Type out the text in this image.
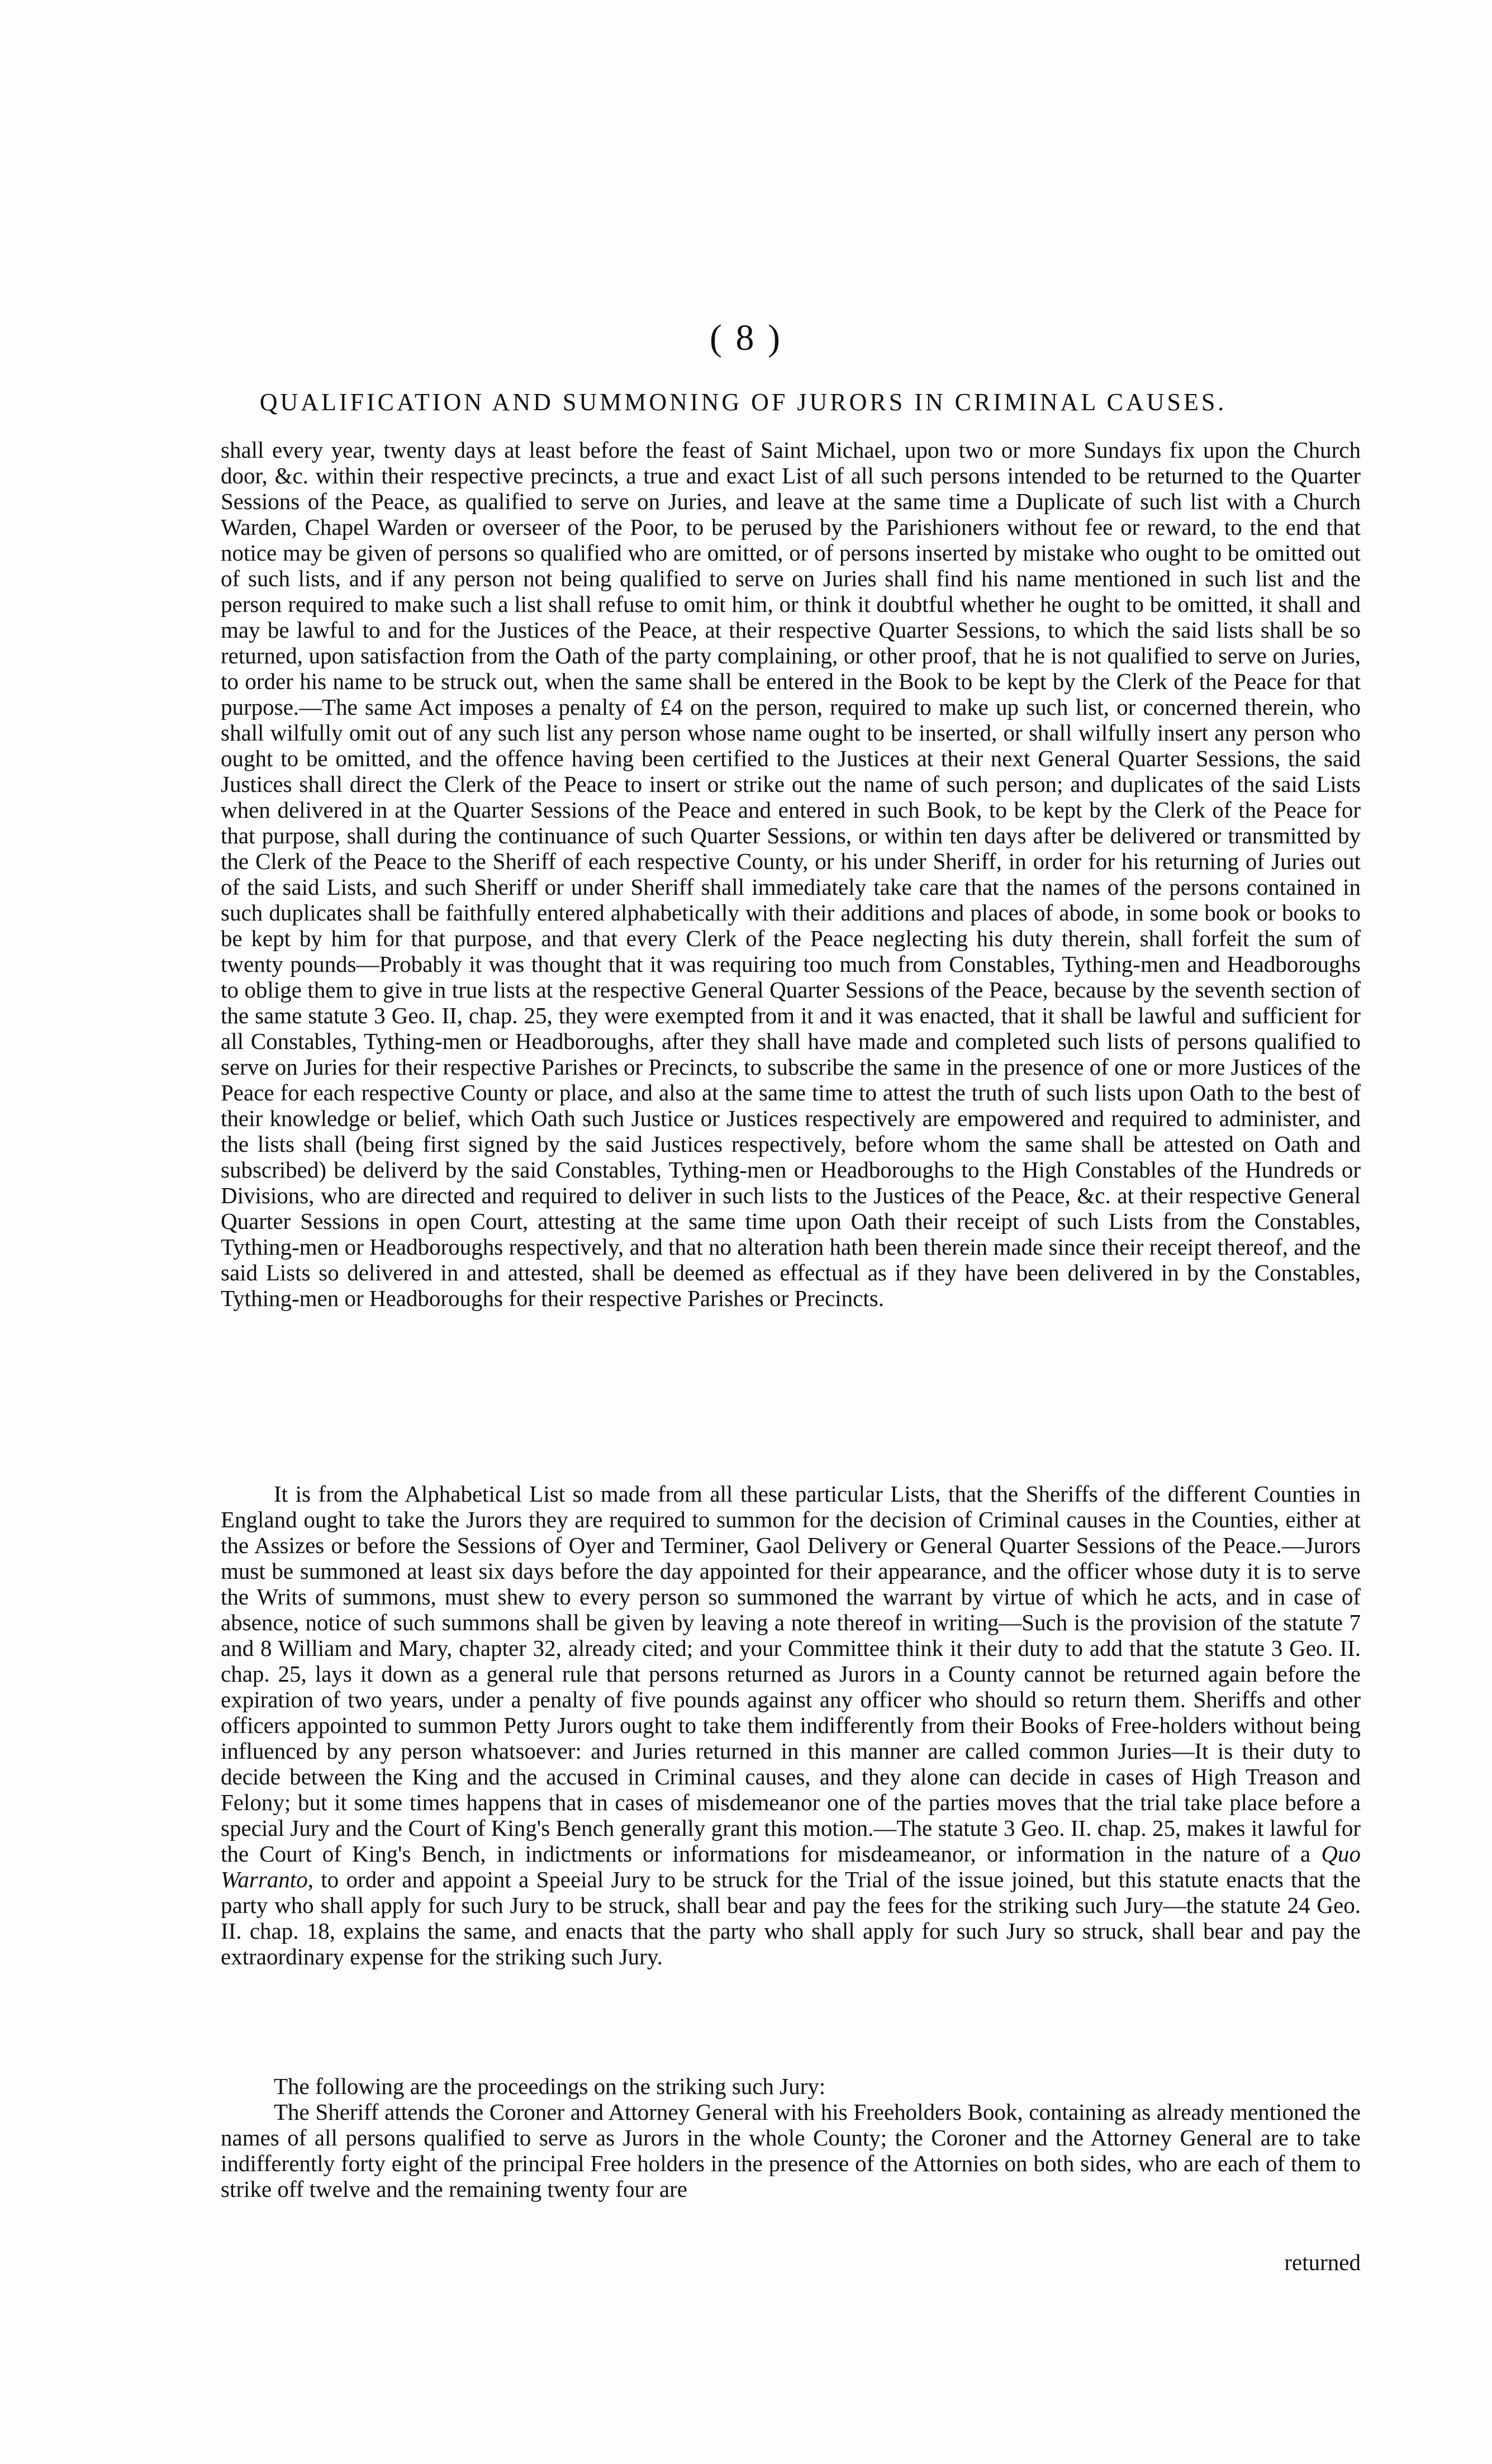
( 8 )
QUALIFICATION AND SUMMONING OF JURORS IN CRIMINAL CAUSES.

shall every year, twenty days at least before the feast of Saint Michael, upon two or more Sundays fix upon the Church door, &c. within their respective precincts, a true and exact List of all such persons intended to be returned to the Quarter Sessions of the Peace, as qualified to serve on Juries, and leave at the same time a Duplicate of such list with a Church Warden, Chapel Warden or overseer of the Poor, to be perused by the Parishioners without fee or reward, to the end that notice may be given of persons so qualified who are omitted, or of persons inserted by mistake who ought to be omitted out of such lists, and if any person not being qualified to serve on Juries shall find his name mentioned in such list and the person required to make such a list shall refuse to omit him, or think it doubtful whether he ought to be omitted, it shall and may be lawful to and for the Justices of the Peace, at their respective Quarter Sessions, to which the said lists shall be so returned, upon satisfaction from the Oath of the party complaining, or other proof, that he is not qualified to serve on Juries, to order his name to be struck out, when the same shall be entered in the Book to be kept by the Clerk of the Peace for that purpose.—The same Act imposes a penalty of £4 on the person, required to make up such list, or concerned therein, who shall wilfully omit out of any such list any person whose name ought to be inserted, or shall wilfully insert any person who ought to be omitted, and the offence having been certified to the Justices at their next General Quarter Sessions, the said Justices shall direct the Clerk of the Peace to insert or strike out the name of such person; and duplicates of the said Lists when delivered in at the Quarter Sessions of the Peace and entered in such Book, to be kept by the Clerk of the Peace for that purpose, shall during the continuance of such Quarter Sessions, or within ten days after be delivered or transmitted by the Clerk of the Peace to the Sheriff of each respective County, or his under Sheriff, in order for his returning of Juries out of the said Lists, and such Sheriff or under Sheriff shall immediately take care that the names of the persons contained in such duplicates shall be faithfully entered alphabetically with their additions and places of abode, in some book or books to be kept by him for that purpose, and that every Clerk of the Peace neglecting his duty therein, shall forfeit the sum of twenty pounds—Probably it was thought that it was requiring too much from Constables, Tything-men and Headboroughs to oblige them to give in true lists at the respective General Quarter Sessions of the Peace, because by the seventh section of the same statute 3 Geo. II, chap. 25, they were exempted from it and it was enacted, that it shall be lawful and sufficient for all Constables, Tything-men or Headboroughs, after they shall have made and completed such lists of persons qualified to serve on Juries for their respective Parishes or Precincts, to subscribe the same in the presence of one or more Justices of the Peace for each respective County or place, and also at the same time to attest the truth of such lists upon Oath to the best of their knowledge or belief, which Oath such Justice or Justices respectively are empowered and required to administer, and the lists shall (being first signed by the said Justices respectively, before whom the same shall be attested on Oath and subscribed) be deliverd by the said Constables, Tything-men or Headboroughs to the High Constables of the Hundreds or Divisions, who are directed and required to deliver in such lists to the Justices of the Peace, &c. at their respective General Quarter Sessions in open Court, attesting at the same time upon Oath their receipt of such Lists from the Constables, Tything-men or Headboroughs respectively, and that no alteration hath been therein made since their receipt thereof, and the said Lists so delivered in and attested, shall be deemed as effectual as if they have been delivered in by the Constables, Tything-men or Headboroughs for their respective Parishes or Precincts.

It is from the Alphabetical List so made from all these particular Lists, that the Sheriffs of the different Counties in England ought to take the Jurors they are required to summon for the decision of Criminal causes in the Counties, either at the Assizes or before the Sessions of Oyer and Terminer, Gaol Delivery or General Quarter Sessions of the Peace.—Jurors must be summoned at least six days before the day appointed for their appearance, and the officer whose duty it is to serve the Writs of summons, must shew to every person so summoned the warrant by virtue of which he acts, and in case of absence, notice of such summons shall be given by leaving a note thereof in writing—Such is the provision of the statute 7 and 8 William and Mary, chapter 32, already cited; and your Committee think it their duty to add that the statute 3 Geo. II. chap. 25, lays it down as a general rule that persons returned as Jurors in a County cannot be returned again before the expiration of two years, under a penalty of five pounds against any officer who should so return them. Sheriffs and other officers appointed to summon Petty Jurors ought to take them indifferently from their Books of Free-holders without being influenced by any person whatsoever: and Juries returned in this manner are called common Juries—It is their duty to decide between the King and the accused in Criminal causes, and they alone can decide in cases of High Treason and Felony; but it some times happens that in cases of misdemeanor one of the parties moves that the trial take place before a special Jury and the Court of King's Bench generally grant this motion.—The statute 3 Geo. II. chap. 25, makes it lawful for the Court of King's Bench, in indictments or informations for misdeameanor, or information in the nature of a Quo Warranto, to order and appoint a Speeial Jury to be struck for the Trial of the issue joined, but this statute enacts that the party who shall apply for such Jury to be struck, shall bear and pay the fees for the striking such Jury—the statute 24 Geo. II. chap. 18, explains the same, and enacts that the party who shall apply for such Jury so struck, shall bear and pay the extraordinary expense for the striking such Jury.

The following are the proceedings on the striking such Jury:

The Sheriff attends the Coroner and Attorney General with his Freeholders Book, containing as already mentioned the names of all persons qualified to serve as Jurors in the whole County; the Coroner and the Attorney General are to take indifferently forty eight of the principal Free holders in the presence of the Attornies on both sides, who are each of them to strike off twelve and the remaining twenty four are

returned
